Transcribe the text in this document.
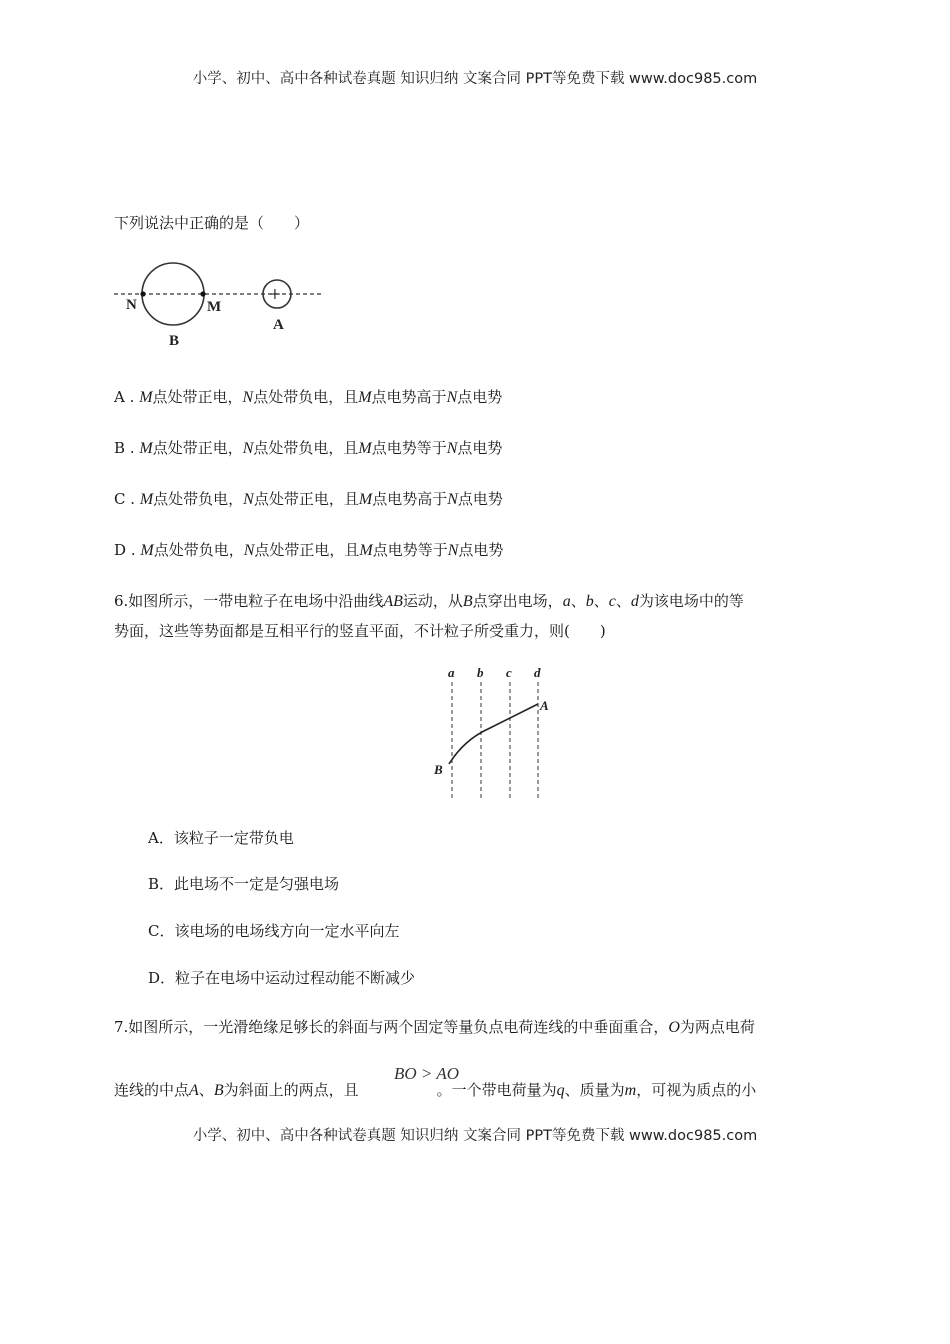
小学、初中、高中各种试卷真题 知识归纳 文案合同 PPT等免费下载 www.doc985.com
下列说法中正确的是（　　）
N	M
B
A
+
A . M点处带正电，N点处带负电，且M点电势高于N点电势
B . M点处带正电，N点处带负电，且M点电势等于N点电势
C . M点处带负电，N点处带正电，且M点电势高于N点电势
D . M点处带负电，N点处带正电，且M点电势等于N点电势
6.如图所示，一带电粒子在电场中沿曲线AB运动，从B点穿出电场，a、b、c、d为该电场中的等
势面，这些等势面都是互相平行的竖直平面，不计粒子所受重力，则(　　)
a b c d
A
B
A．该粒子一定带负电
B．此电场不一定是匀强电场
C．该电场的电场线方向一定水平向左
D．粒子在电场中运动过程动能不断减少
7.如图所示，一光滑绝缘足够长的斜面与两个固定等量负点电荷连线的中垂面重合，O为两点电荷
BO > AO
连线的中点A、B为斜面上的两点，且	。一个带电荷量为q、质量为m，可视为质点的小
小学、初中、高中各种试卷真题 知识归纳 文案合同 PPT等免费下载 www.doc985.com
